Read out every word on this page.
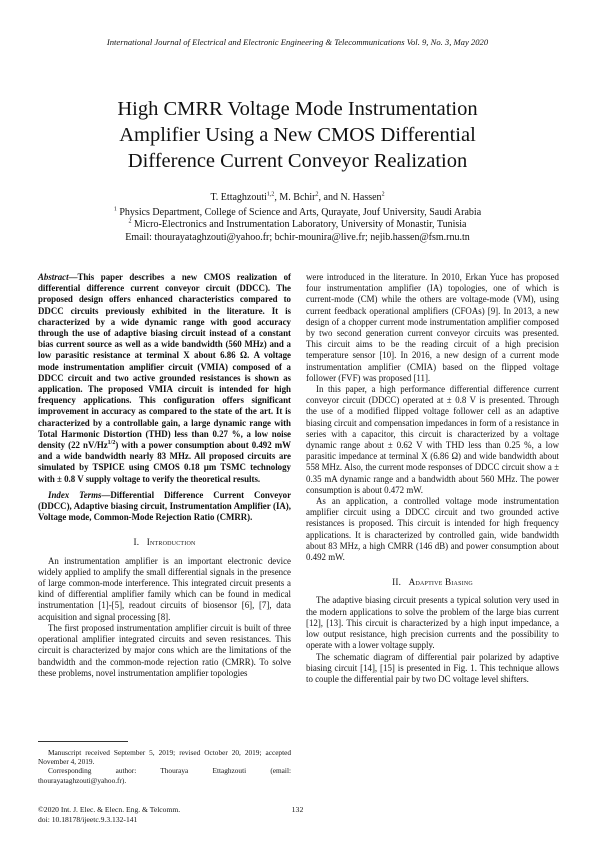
International Journal of Electrical and Electronic Engineering & Telecommunications Vol. 9, No. 3, May 2020
High CMRR Voltage Mode Instrumentation
Amplifier Using a New CMOS Differential
Difference Current Conveyor Realization
T. Ettaghzouti$^{1,2}$, M. Bchir$^2$, and N. Hassen$^2$
$^1$ Physics Department, College of Science and Arts, Qurayate, Jouf University, Saudi Arabia
$^2$ Micro-Electronics and Instrumentation Laboratory, University of Monastir, Tunisia
Email: thourayataghzouti@yahoo.fr; bchir-mounira@live.fr; nejib.hassen@fsm.rnu.tn

Abstract—This paper describes a new CMOS realization of differential difference current conveyor circuit (DDCC). The proposed design offers enhanced characteristics compared to DDCC circuits previously exhibited in the literature. It is characterized by a wide dynamic range with good accuracy through the use of adaptive biasing circuit instead of a constant bias current source as well as a wide bandwidth (560 MHz) and a low parasitic resistance at terminal X about 6.86 Ω. A voltage mode instrumentation amplifier circuit (VMIA) composed of a DDCC circuit and two active grounded resistances is shown as application. The proposed VMIA circuit is intended for high frequency applications. This configuration offers significant improvement in accuracy as compared to the state of the art. It is characterized by a controllable gain, a large dynamic range with Total Harmonic Distortion (THD) less than 0.27 %, a low noise density (22 $nV/Hz^{1/2}$) with a power consumption about 0.492 mW and a wide bandwidth nearly 83 MHz. All proposed circuits are simulated by TSPICE using CMOS 0.18 µm TSMC technology with ± 0.8 V supply voltage to verify the theoretical results.

Index Terms—Differential Difference Current Conveyor (DDCC), Adaptive biasing circuit, Instrumentation Amplifier (IA), Voltage mode, Common-Mode Rejection Ratio (CMRR).

I. Introduction

An instrumentation amplifier is an important electronic device widely applied to amplify the small differential signals in the presence of large common-mode interference. This integrated circuit presents a kind of differential amplifier family which can be found in medical instrumentation [1]-[5], readout circuits of biosensor [6], [7], data acquisition and signal processing [8].

The first proposed instrumentation amplifier circuit is built of three operational amplifier integrated circuits and seven resistances. This circuit is characterized by major cons which are the limitations of the bandwidth and the common-mode rejection ratio (CMRR). To solve these problems, novel instrumentation amplifier topologies

were introduced in the literature. In 2010, Erkan Yuce has proposed four instrumentation amplifier (IA) topologies, one of which is current-mode (CM) while the others are voltage-mode (VM), using current feedback operational amplifiers (CFOAs) [9]. In 2013, a new design of a chopper current mode instrumentation amplifier composed by two second generation current conveyor circuits was presented. This circuit aims to be the reading circuit of a high precision temperature sensor [10]. In 2016, a new design of a current mode instrumentation amplifier (CMIA) based on the flipped voltage follower (FVF) was proposed [11].

In this paper, a high performance differential difference current conveyor circuit (DDCC) operated at ± 0.8 V is presented. Through the use of a modified flipped voltage follower cell as an adaptive biasing circuit and compensation impedances in form of a resistance in series with a capacitor, this circuit is characterized by a voltage dynamic range about ± 0.62 V with THD less than 0.25 %, a low parasitic impedance at terminal X (6.86 Ω) and wide bandwidth about 558 MHz. Also, the current mode responses of DDCC circuit show a ± 0.35 mA dynamic range and a bandwidth about 560 MHz. The power consumption is about 0.472 mW.

As an application, a controlled voltage mode instrumentation amplifier circuit using a DDCC circuit and two grounded active resistances is proposed. This circuit is intended for high frequency applications. It is characterized by controlled gain, wide bandwidth about 83 MHz, a high CMRR (146 dB) and power consumption about 0.492 mW.

II. Adaptive Biasing

The adaptive biasing circuit presents a typical solution very used in the modern applications to solve the problem of the large bias current [12], [13]. This circuit is characterized by a high input impedance, a low output resistance, high precision currents and the possibility to operate with a lower voltage supply.

The schematic diagram of differential pair polarized by adaptive biasing circuit [14], [15] is presented in Fig. 1. This technique allows to couple the differential pair by two DC voltage level shifters.

Manuscript received September 5, 2019; revised October 20, 2019; accepted November 4, 2019.

Corresponding author: Thouraya Ettaghzouti (email: thourayataghzouti@yahoo.fr).

©2020 Int. J. Elec. & Elecn. Eng. & Telcomm.
doi: 10.18178/ijeetc.9.3.132-141
132
